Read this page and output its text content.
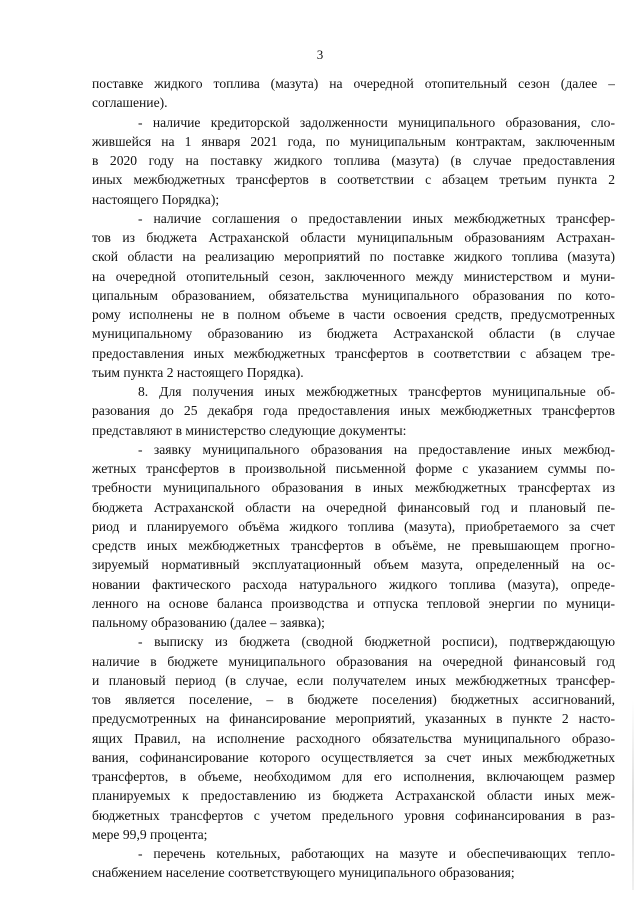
3
поставке жидкого топлива (мазута) на очередной отопительный сезон (далее –
соглашение).
- наличие кредиторской задолженности муниципального образования, сло-
жившейся на 1 января 2021 года, по муниципальным контрактам, заключенным
в 2020 году на поставку жидкого топлива (мазута) (в случае предоставления
иных межбюджетных трансфертов в соответствии с абзацем третьим пункта 2
настоящего Порядка);
- наличие соглашения о предоставлении иных межбюджетных трансфер-
тов из бюджета Астраханской области муниципальным образованиям Астрахан-
ской области на реализацию мероприятий по поставке жидкого топлива (мазута)
на очередной отопительный сезон, заключенного между министерством и муни-
ципальным образованием, обязательства муниципального образования по кото-
рому исполнены не в полном объеме в части освоения средств, предусмотренных
муниципальному образованию из бюджета Астраханской области (в случае
предоставления иных межбюджетных трансфертов в соответствии с абзацем тре-
тьим пункта 2 настоящего Порядка).
8. Для получения иных межбюджетных трансфертов муниципальные об-
разования до 25 декабря года предоставления иных межбюджетных трансфертов
представляют в министерство следующие документы:
- заявку муниципального образования на предоставление иных межбюд-
жетных трансфертов в произвольной письменной форме с указанием суммы по-
требности муниципального образования в иных межбюджетных трансфертах из
бюджета Астраханской области на очередной финансовый год и плановый пе-
риод и планируемого объёма жидкого топлива (мазута), приобретаемого за счет
средств иных межбюджетных трансфертов в объёме, не превышающем прогно-
зируемый нормативный эксплуатационный объем мазута, определенный на ос-
новании фактического расхода натурального жидкого топлива (мазута), опреде-
ленного на основе баланса производства и отпуска тепловой энергии по муници-
пальному образованию (далее – заявка);
- выписку из бюджета (сводной бюджетной росписи), подтверждающую
наличие в бюджете муниципального образования на очередной финансовый год
и плановый период (в случае, если получателем иных межбюджетных трансфер-
тов является поселение, – в бюджете поселения) бюджетных ассигнований,
предусмотренных на финансирование мероприятий, указанных в пункте 2 насто-
ящих Правил, на исполнение расходного обязательства муниципального образо-
вания, софинансирование которого осуществляется за счет иных межбюджетных
трансфертов, в объеме, необходимом для его исполнения, включающем размер
планируемых к предоставлению из бюджета Астраханской области иных меж-
бюджетных трансфертов с учетом предельного уровня софинансирования в раз-
мере 99,9 процента;
- перечень котельных, работающих на мазуте и обеспечивающих тепло-
снабжением население соответствующего муниципального образования;
